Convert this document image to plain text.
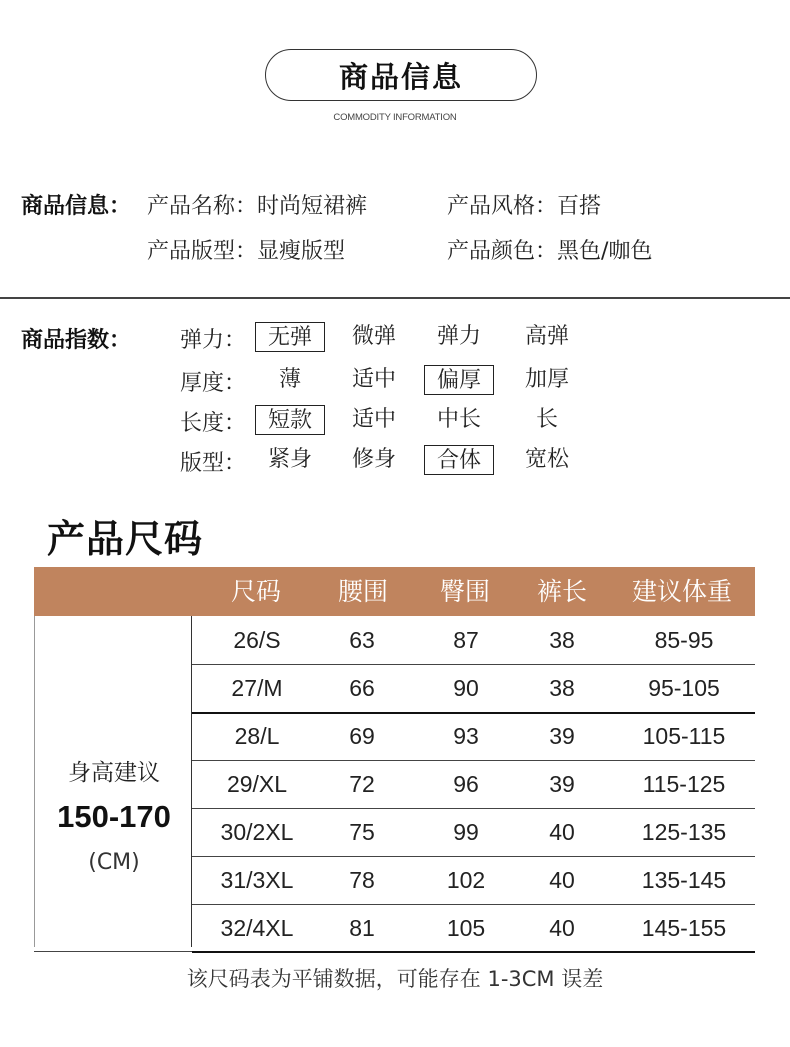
商品信息
COMMODITY INFORMATION
商品信息： 产品名称：时尚短裙裤	产品风格：百搭
产品版型：显瘦版型	产品颜色：黑色/咖色
商品指数： 弹力： 无弹	微弹	弹力	高弹
厚度：	薄	适中	偏厚	加厚
长度： 短款	适中	中长	长
版型： 紧身	修身	合体	宽松
产品尺码
尺码	腰围	臀围	裤长	建议体重
身高建议
150-170
(CM)
26/S	63	87	38	85-95
27/M	66	90	38	95-105
28/L	69	93	39	105-115
29/XL	72	96	39	115-125
30/2XL	75	99	40	125-135
31/3XL	78	102	40	135-145
32/4XL	81	105	40	145-155
该尺码表为平铺数据，可能存在 1-3CM 误差
